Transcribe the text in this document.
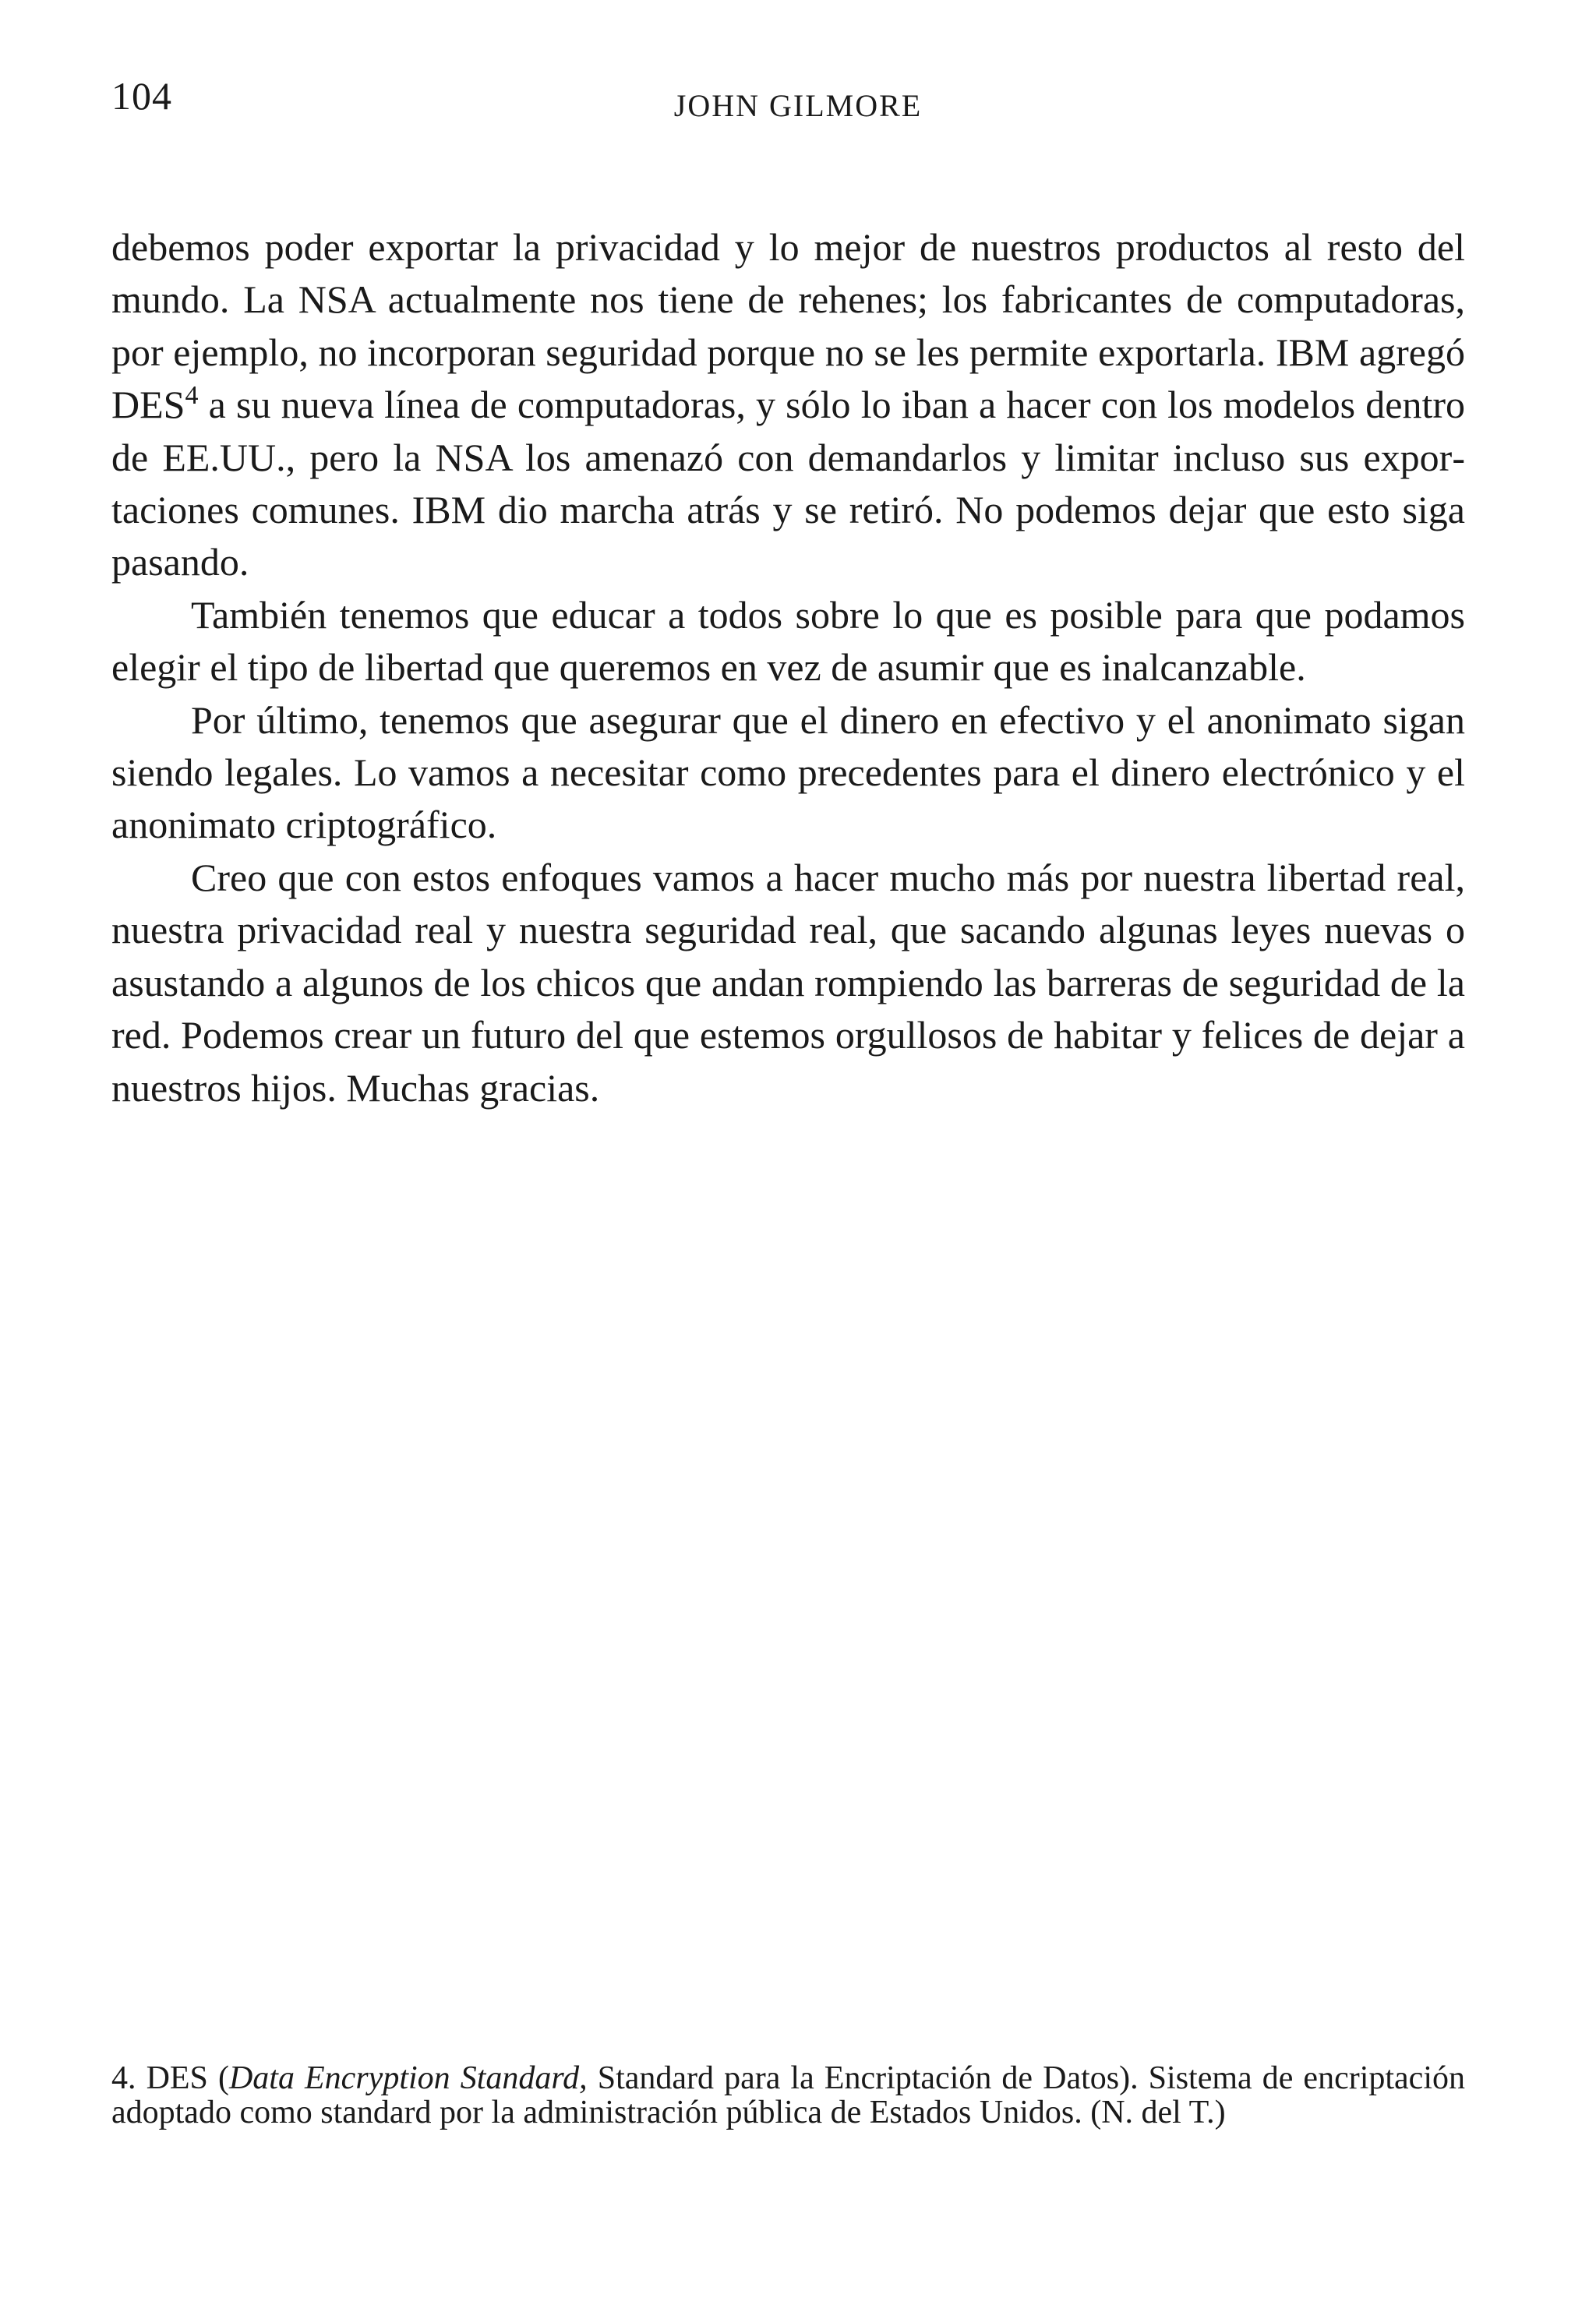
104	JOHN GILMORE

debemos poder exportar la privacidad y lo mejor de nuestros productos al resto del mundo. La NSA actualmente nos tiene de rehenes; los fabricantes de computadoras, por ejemplo, no incorporan seguridad porque no se les permite exportarla. IBM agregó DES$^4$ a su nueva línea de computadoras, y sólo lo iban a hacer con los modelos dentro de EE.UU., pero la NSA los amenazó con demandarlos y limitar incluso sus exportaciones comunes. IBM dio marcha atrás y se retiró. No podemos dejar que esto siga pasando.

También tenemos que educar a todos sobre lo que es posible para que podamos elegir el tipo de libertad que queremos en vez de asumir que es inalcanzable.

Por último, tenemos que asegurar que el dinero en efectivo y el anonimato sigan siendo legales. Lo vamos a necesitar como precedentes para el dinero electrónico y el anonimato criptográfico.

Creo que con estos enfoques vamos a hacer mucho más por nuestra libertad real, nuestra privacidad real y nuestra seguridad real, que sacando algunas leyes nuevas o asustando a algunos de los chicos que andan rompiendo las barreras de seguridad de la red. Podemos crear un futuro del que estemos orgullosos de habitar y felices de dejar a nuestros hijos. Muchas gracias.

4. DES (Data Encryption Standard, Standard para la Encriptación de Datos). Sistema de encriptación adoptado como standard por la administración pública de Estados Unidos. (N. del T.)
